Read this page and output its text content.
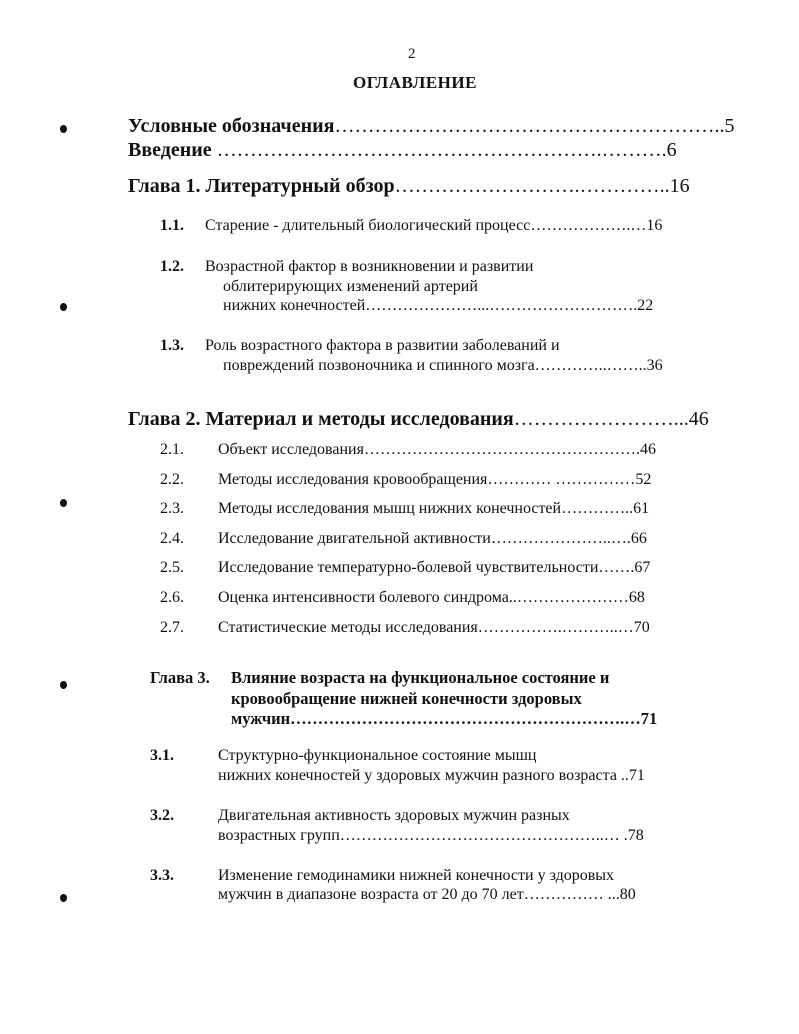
2
ОГЛАВЛЕНИЕ
Условные обозначения…………………………………………………..5
Введение ………………………………………………….……….6
Глава 1. Литературный обзор……………………….…………..16
1.1. Старение - длительный биологический процесс……………….…16
1.2. Возрастной фактор в возникновении и развитии
облитерирующих изменений артерий
нижних конечностей…………………...……………………….22
1.3. Роль возрастного фактора в развитии заболеваний и
повреждений позвоночника и спинного мозга…………..……..36
Глава 2. Материал и методы исследования……………………...46
2.1. Объект исследования…………………………………………….46
2.2. Методы исследования кровообращения………… ……………52
2.3. Методы исследования мышц нижних конечностей…………..61
2.4. Исследование двигательной активности…………………..….66
2.5. Исследование температурно-болевой чувствительности…….67
2.6. Оценка интенсивности болевого синдрома..…………………68
2.7. Статистические методы исследования…………….………..…70
Глава 3. Влияние возраста на функциональное состояние и
кровообращение нижней конечности здоровых
мужчин…………………………………………………….…71
3.1.	Структурно-функциональное состояние мышц
нижних конечностей у здоровых мужчин разного возраста ..71
3.2.	Двигательная активность здоровых мужчин разных
возрастных групп…………………………………………..… .78
3.3.	Изменение гемодинамики нижней конечности у здоровых
мужчин в диапазоне возраста от 20 до 70 лет…………… ...80
